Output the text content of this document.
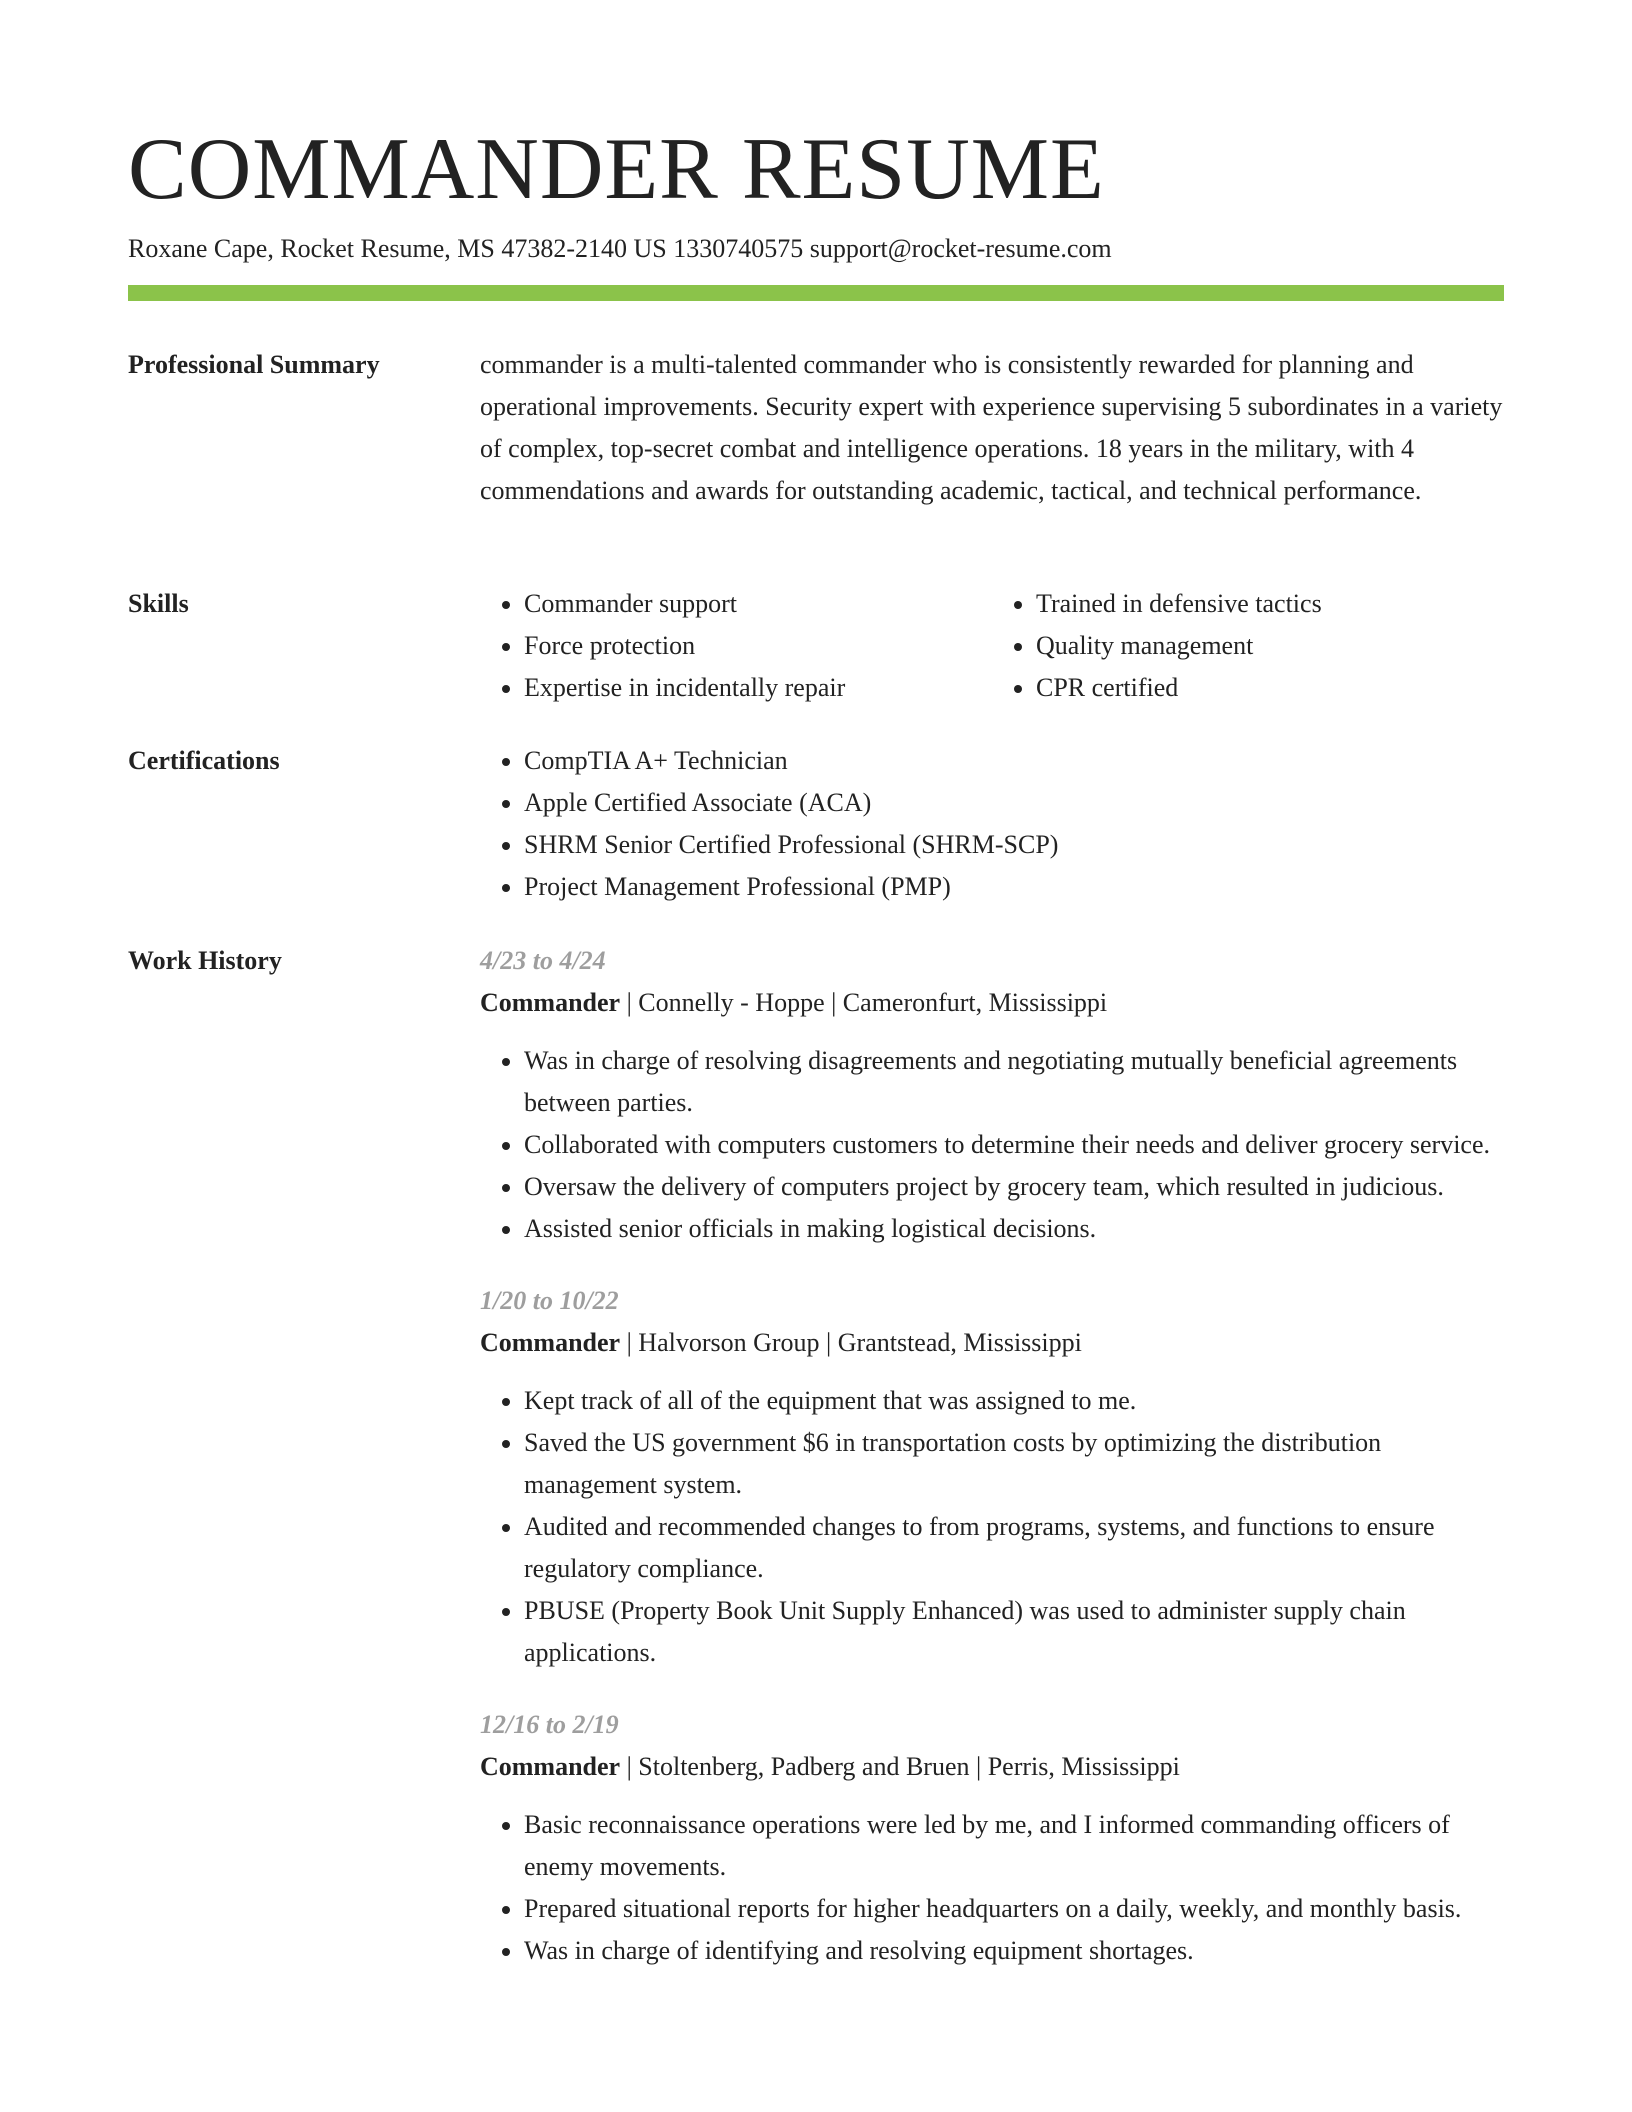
COMMANDER RESUME
Roxane Cape, Rocket Resume, MS 47382-2140 US 1330740575 support@rocket-resume.com
Professional Summary	commander is a multi-talented commander who is consistently rewarded for planning and operational improvements. Security expert with experience supervising 5 subordinates in a variety of complex, top-secret combat and intelligence operations. 18 years in the military, with 4 commendations and awards for outstanding academic, tactical, and technical performance.

Skills	• Commander support
• Force protection
• Expertise in incidentally repair
• Trained in defensive tactics
• Quality management
• CPR certified
Certifications	• CompTIA A+ Technician
• Apple Certified Associate (ACA)
• SHRM Senior Certified Professional (SHRM-SCP)
• Project Management Professional (PMP)
Work History	4/23 to 4/24
Commander | Connelly - Hoppe | Cameronfurt, Mississippi
• Was in charge of resolving disagreements and negotiating mutually beneficial agreements between parties.
• Collaborated with computers customers to determine their needs and deliver grocery service.
• Oversaw the delivery of computers project by grocery team, which resulted in judicious.
• Assisted senior officials in making logistical decisions.
1/20 to 10/22
Commander | Halvorson Group | Grantstead, Mississippi
• Kept track of all of the equipment that was assigned to me.
• Saved the US government $6 in transportation costs by optimizing the distribution management system.
• Audited and recommended changes to from programs, systems, and functions to ensure regulatory compliance.
• PBUSE (Property Book Unit Supply Enhanced) was used to administer supply chain applications.
12/16 to 2/19
Commander | Stoltenberg, Padberg and Bruen | Perris, Mississippi
• Basic reconnaissance operations were led by me, and I informed commanding officers of enemy movements.
• Prepared situational reports for higher headquarters on a daily, weekly, and monthly basis.
• Was in charge of identifying and resolving equipment shortages.
